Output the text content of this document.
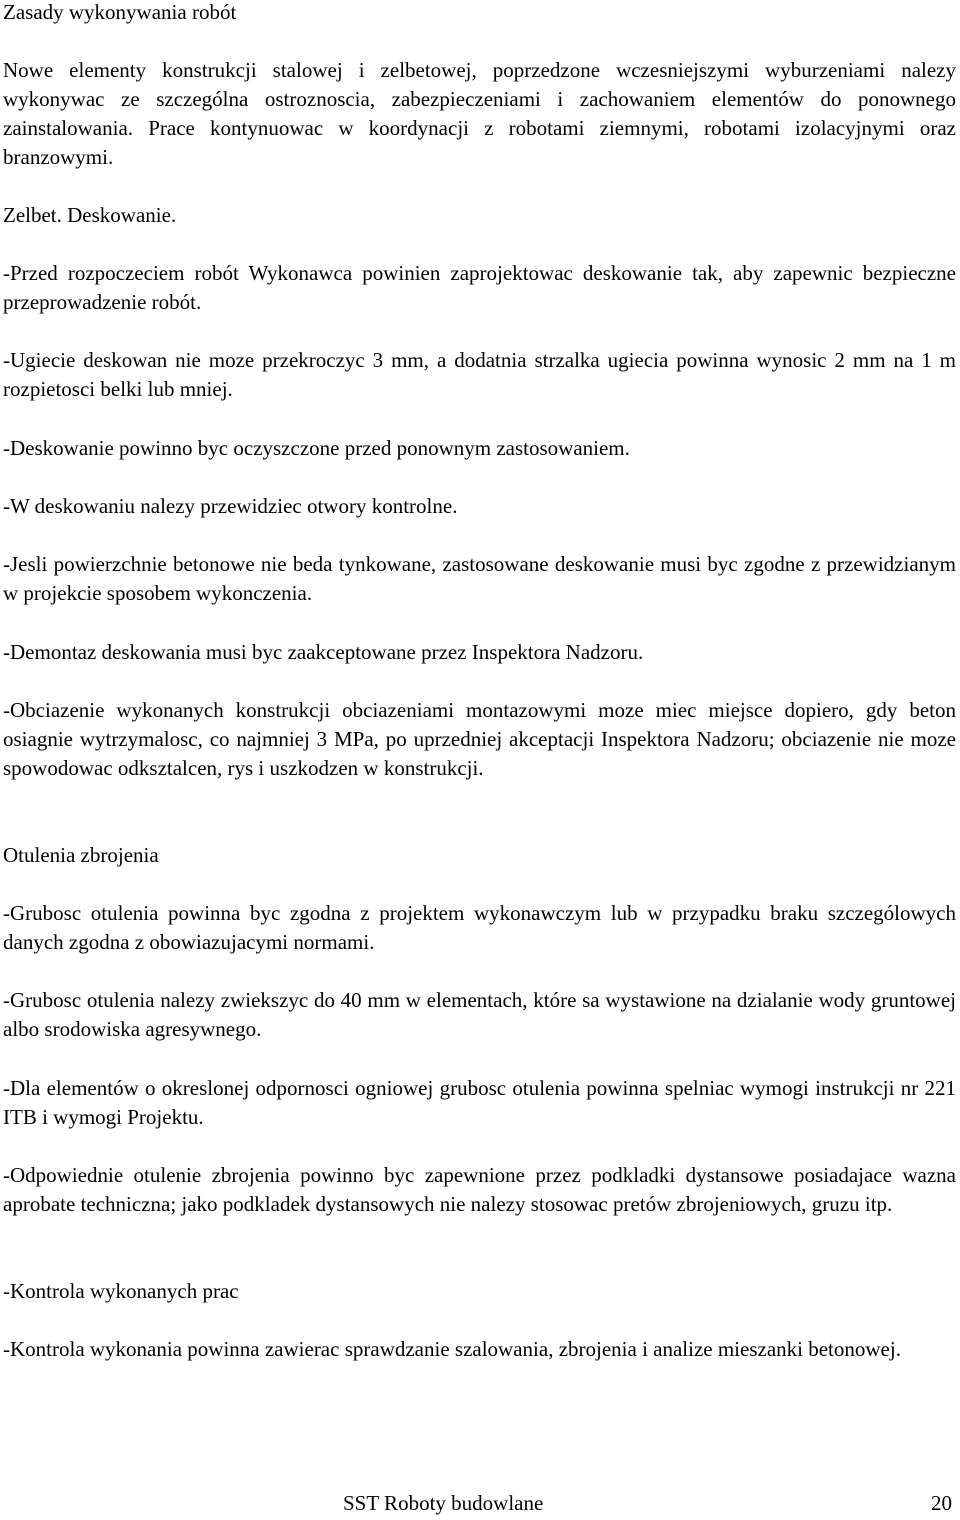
Zasady wykonywania robót

Nowe elementy konstrukcji stalowej i zelbetowej, poprzedzone wczesniejszymi wyburzeniami nalezy wykonywac ze szczególna ostroznoscia, zabezpieczeniami i zachowaniem elementów do ponownego zainstalowania. Prace kontynuowac w koordynacji z robotami ziemnymi, robotami izolacyjnymi oraz branzowymi.

Zelbet. Deskowanie.

-Przed rozpoczeciem robót Wykonawca powinien zaprojektowac deskowanie tak, aby zapewnic bezpieczne przeprowadzenie robót.

-Ugiecie deskowan nie moze przekroczyc 3 mm, a dodatnia strzalka ugiecia powinna wynosic 2 mm na 1 m rozpietosci belki lub mniej.

-Deskowanie powinno byc oczyszczone przed ponownym zastosowaniem.

-W deskowaniu nalezy przewidziec otwory kontrolne.

-Jesli powierzchnie betonowe nie beda tynkowane, zastosowane deskowanie musi byc zgodne z przewidzianym w projekcie sposobem wykonczenia.

-Demontaz deskowania musi byc zaakceptowane przez Inspektora Nadzoru.

-Obciazenie wykonanych konstrukcji obciazeniami montazowymi moze miec miejsce dopiero, gdy beton osiagnie wytrzymalosc, co najmniej 3 MPa, po uprzedniej akceptacji Inspektora Nadzoru; obciazenie nie moze spowodowac odksztalcen, rys i uszkodzen w konstrukcji.

Otulenia zbrojenia

-Grubosc otulenia powinna byc zgodna z projektem wykonawczym lub w przypadku braku szczególowych danych zgodna z obowiazujacymi normami.

-Grubosc otulenia nalezy zwiekszyc do 40 mm w elementach, które sa wystawione na dzialanie wody gruntowej albo srodowiska agresywnego.

-Dla elementów o okreslonej odpornosci ogniowej grubosc otulenia powinna spelniac wymogi instrukcji nr 221 ITB i wymogi Projektu.

-Odpowiednie otulenie zbrojenia powinno byc zapewnione przez podkladki dystansowe posiadajace wazna aprobate techniczna; jako podkladek dystansowych nie nalezy stosowac pretów zbrojeniowych, gruzu itp.

-Kontrola wykonanych prac

-Kontrola wykonania powinna zawierac sprawdzanie szalowania, zbrojenia i analize mieszanki betonowej.

SST Roboty budowlane	20
